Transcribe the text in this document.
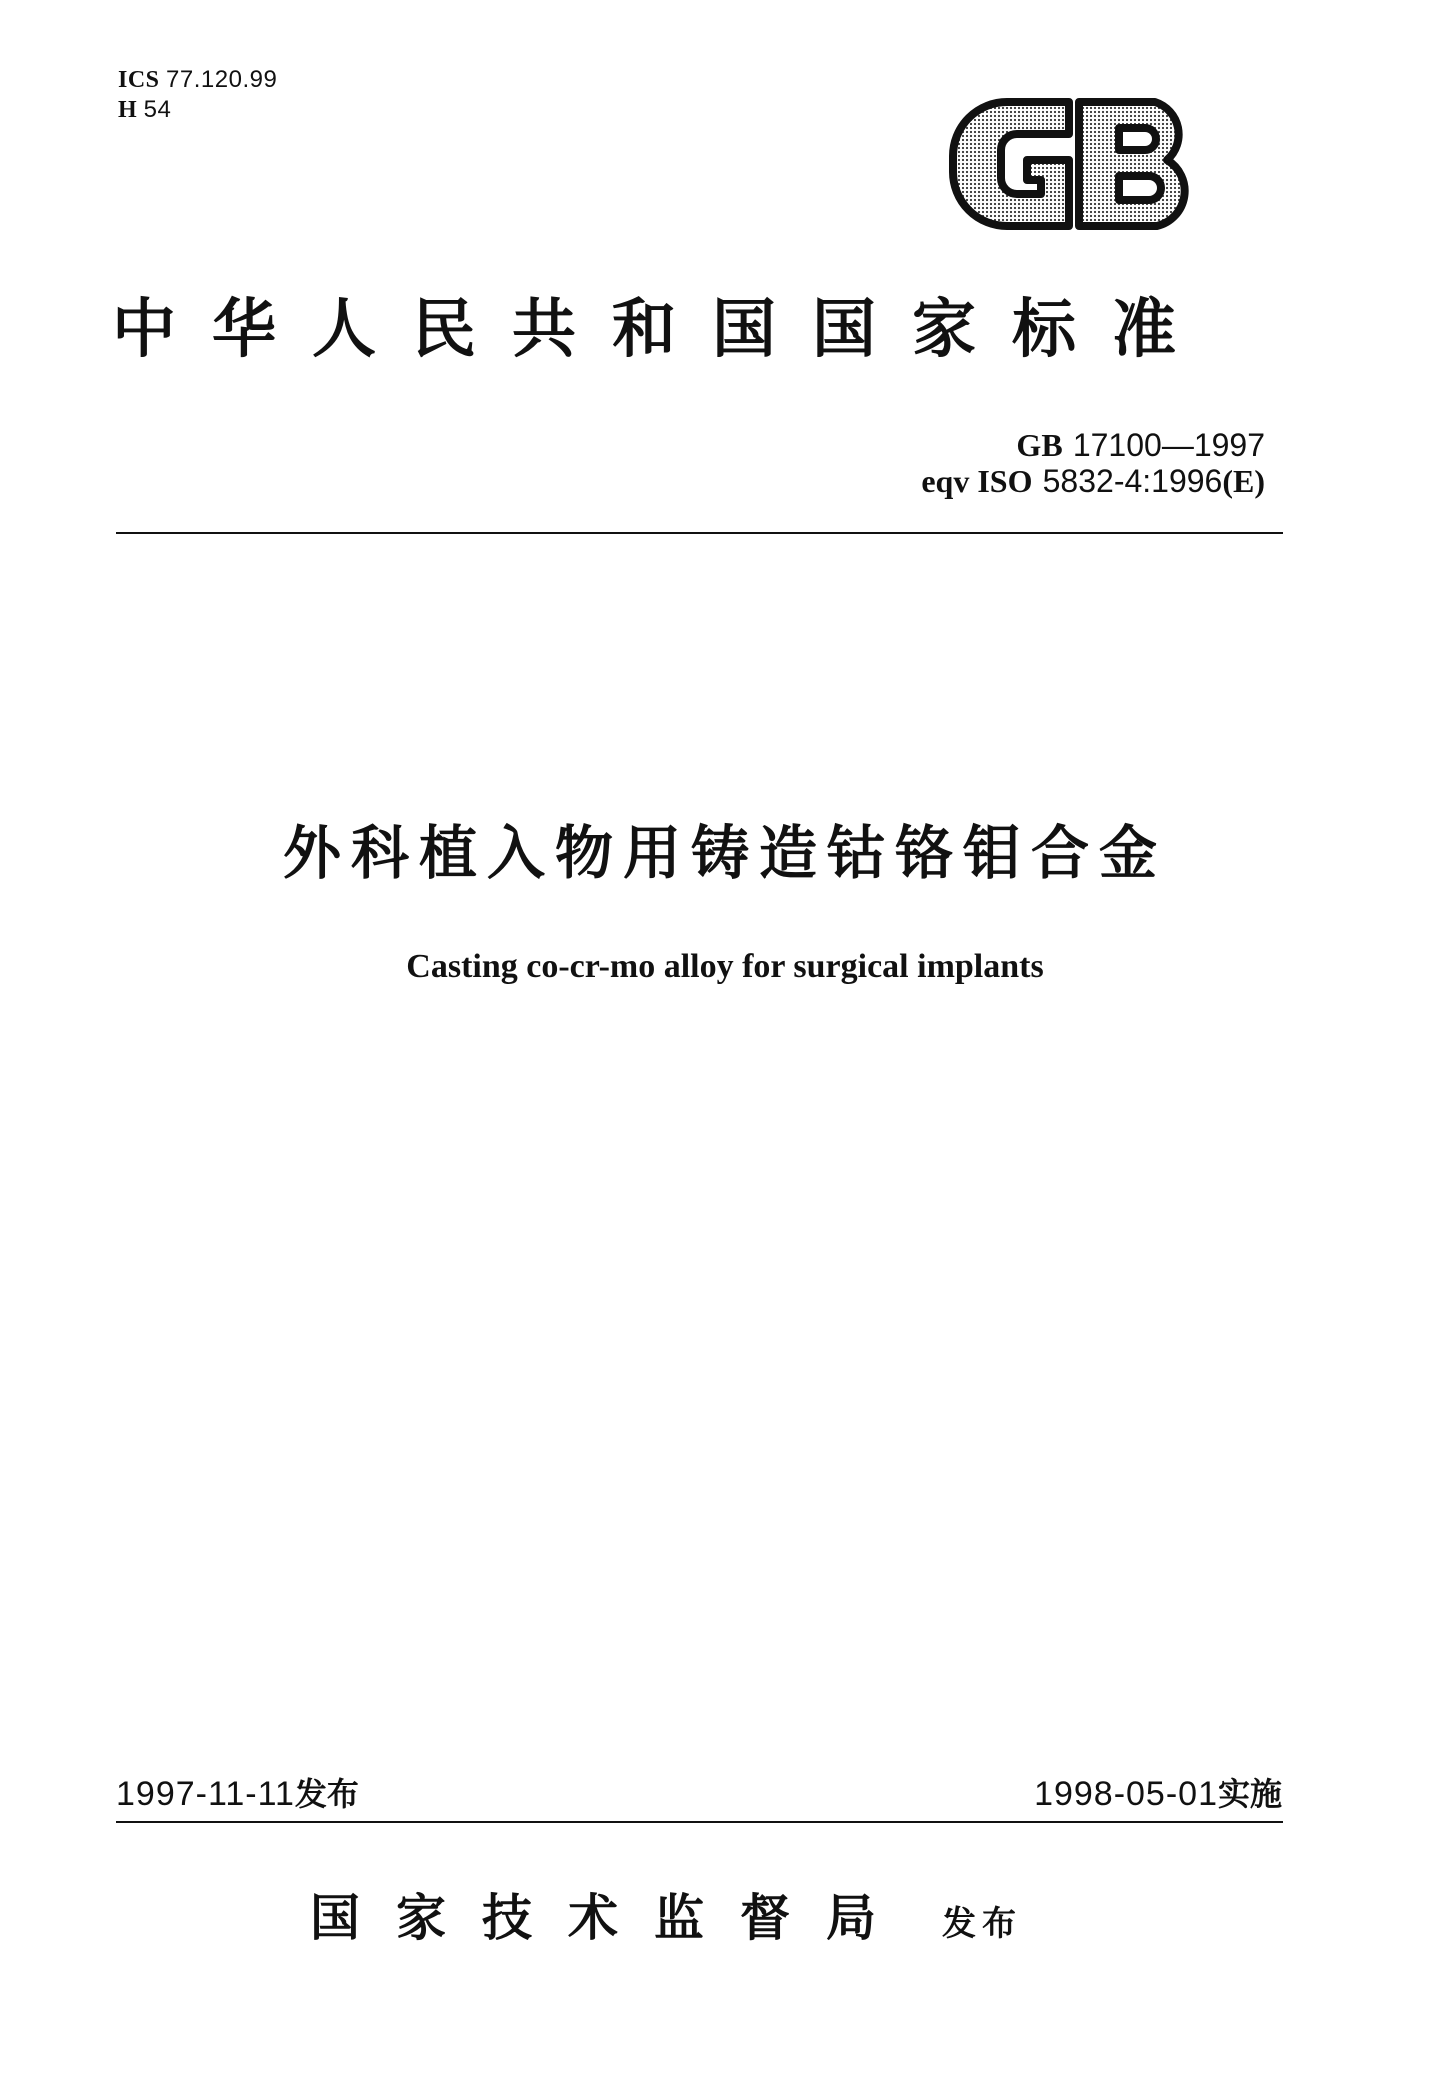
ICS 77.120.99
H 54
中华人民共和国国家标准
GB 17100—1997
eqv ISO 5832-4:1996(E)
外科植入物用铸造钴铬钼合金
Casting co-cr-mo alloy for surgical implants
1997-11-11发布	1998-05-01实施
国家技术监督局 发布
